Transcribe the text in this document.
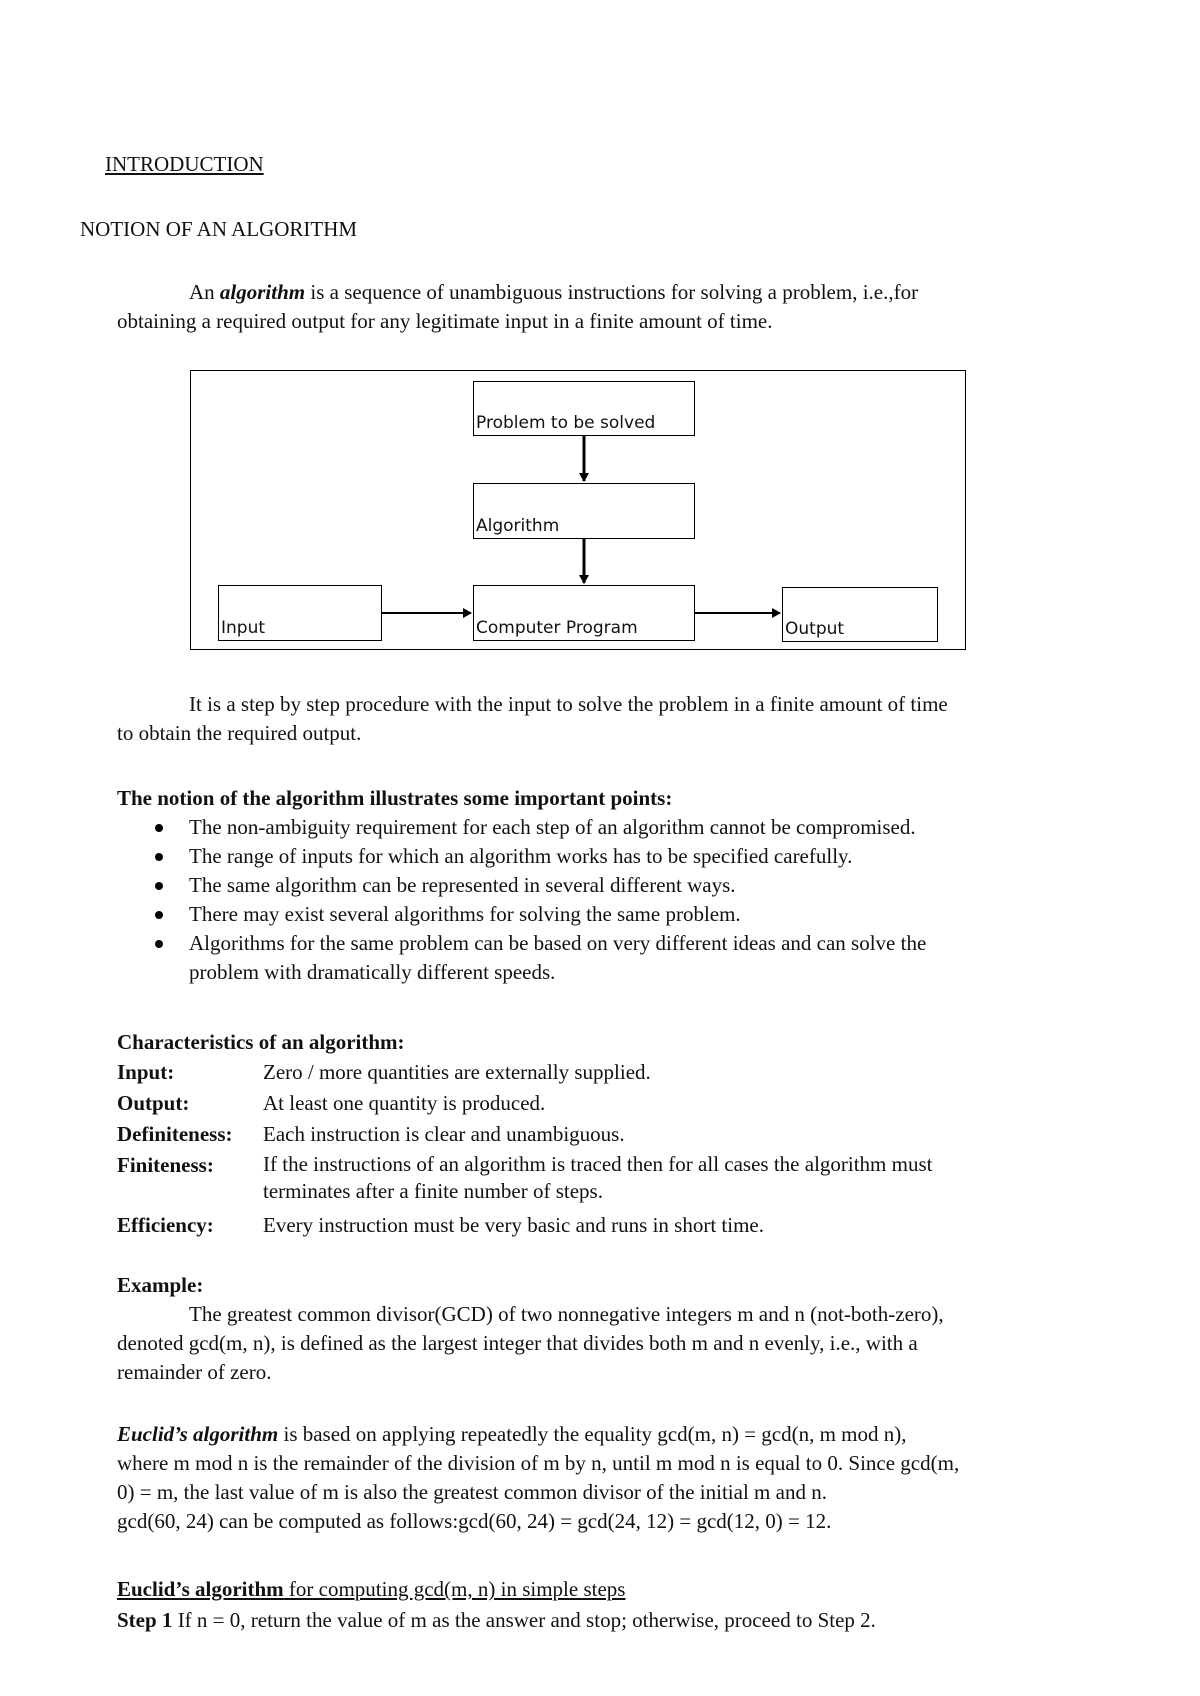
INTRODUCTION
NOTION OF AN ALGORITHM
An algorithm is a sequence of unambiguous instructions for solving a problem, i.e.,for
obtaining a required output for any legitimate input in a finite amount of time.
Problem to be solved
Algorithm
Input	Computer Program	Output
It is a step by step procedure with the input to solve the problem in a finite amount of time
to obtain the required output.
The notion of the algorithm illustrates some important points:
The non-ambiguity requirement for each step of an algorithm cannot be compromised.
The range of inputs for which an algorithm works has to be specified carefully.
The same algorithm can be represented in several different ways.
There may exist several algorithms for solving the same problem.
Algorithms for the same problem can be based on very different ideas and can solve the
problem with dramatically different speeds.
Characteristics of an algorithm:
Input:	Zero / more quantities are externally supplied.
Output:	At least one quantity is produced.
Definiteness: Each instruction is clear and unambiguous.
Finiteness: If the instructions of an algorithm is traced then for all cases the algorithm must
terminates after a finite number of steps.
Efficiency: Every instruction must be very basic and runs in short time.
Example:
The greatest common divisor(GCD) of two nonnegative integers m and n (not-both-zero),
denoted gcd(m, n), is defined as the largest integer that divides both m and n evenly, i.e., with a
remainder of zero.
Euclid’s algorithm is based on applying repeatedly the equality gcd(m, n) = gcd(n, m mod n),
where m mod n is the remainder of the division of m by n, until m mod n is equal to 0. Since gcd(m,
0) = m, the last value of m is also the greatest common divisor of the initial m and n.
gcd(60, 24) can be computed as follows:gcd(60, 24) = gcd(24, 12) = gcd(12, 0) = 12.
Euclid’s algorithm for computing gcd(m, n) in simple steps
Step 1 If n = 0, return the value of m as the answer and stop; otherwise, proceed to Step 2.
